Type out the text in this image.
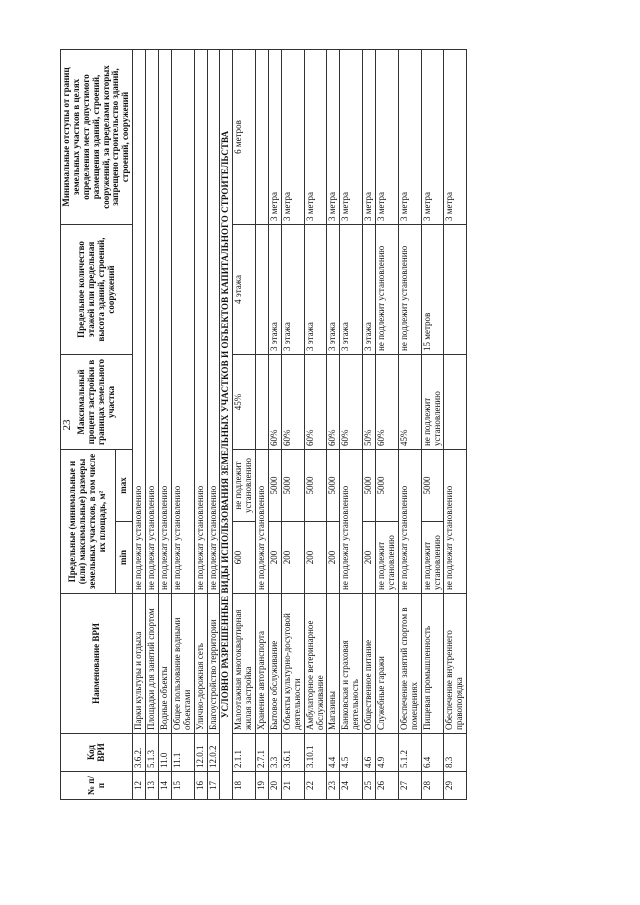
23
№ п/п	Код ВРИ	Наименование ВРИ	Предельные (минимальные и (или) максимальные) размеры земельных участков, в том числе их площадь, м²		Максимальный процент застройки в границах земельного участка	Предельное количество этажей или предельная высота зданий, строений, сооружений	Минимальные отступы от границ земельных участков в целях определения мест допустимого размещения зданий, строений, сооружений, за пределами которых запрещено строительство зданий, строений, сооружений
			min	max			
12	3.6.2.	Парки культуры и отдыха	не подлежат установлению				
13	5.1.3	Площадки для занятий спортом	не подлежат установлению				
14	11.0	Водные объекты	не подлежат установлению				
15	11.1	Общее пользование водными объектами	не подлежат установлению				
16	12.0.1	Улично-дорожная сеть	не подлежат установлению				
17	12.0.2	Благоустройство территории	не подлежат установлению				
УСЛОВНО РАЗРЕШЕННЫЕ ВИДЫ ИСПОЛЬЗОВАНИЯ ЗЕМЕЛЬНЫХ УЧАСТКОВ И ОБЪЕКТОВ КАПИТАЛЬНОГО СТРОИТЕЛЬСТВА							
18	2.1.1	Малоэтажная многоквартирная жилая застройка	600	не подлежит установлению	45%	4 этажа	6 метров
19	2.7.1	Хранение автотранспорта	не подлежат установлению				
20	3.3	Бытовое обслуживание	200	5000	60%	3 этажа	3 метра
21	3.6.1	Объекты культурно-досуговой деятельности	200	5000	60%	3 этажа	3 метра
22	3.10.1	Амбулаторное ветеринарное обслуживание	200	5000	60%	3 этажа	3 метра
23	4.4	Магазины	200	5000	60%	3 этажа	3 метра
24	4.5	Банковская и страховая деятельность	не подлежат установлению		60%	3 этажа	3 метра
25	4.6	Общественное питание	200	5000	50%	3 этажа	3 метра
26	4.9	Служебные гаражи	не подлежит установлению	5000	60%	не подлежит установлению	3 метра
27	5.1.2	Обеспечение занятий спортом в помещениях	не подлежат установлению		45%	не подлежит установлению	3 метра
28	6.4	Пищевая промышленность	не подлежит установлению	5000	не подлежит установлению	15 метров	3 метра
29	8.3	Обеспечение внутреннего правопорядка	не подлежат установлению				3 метра
